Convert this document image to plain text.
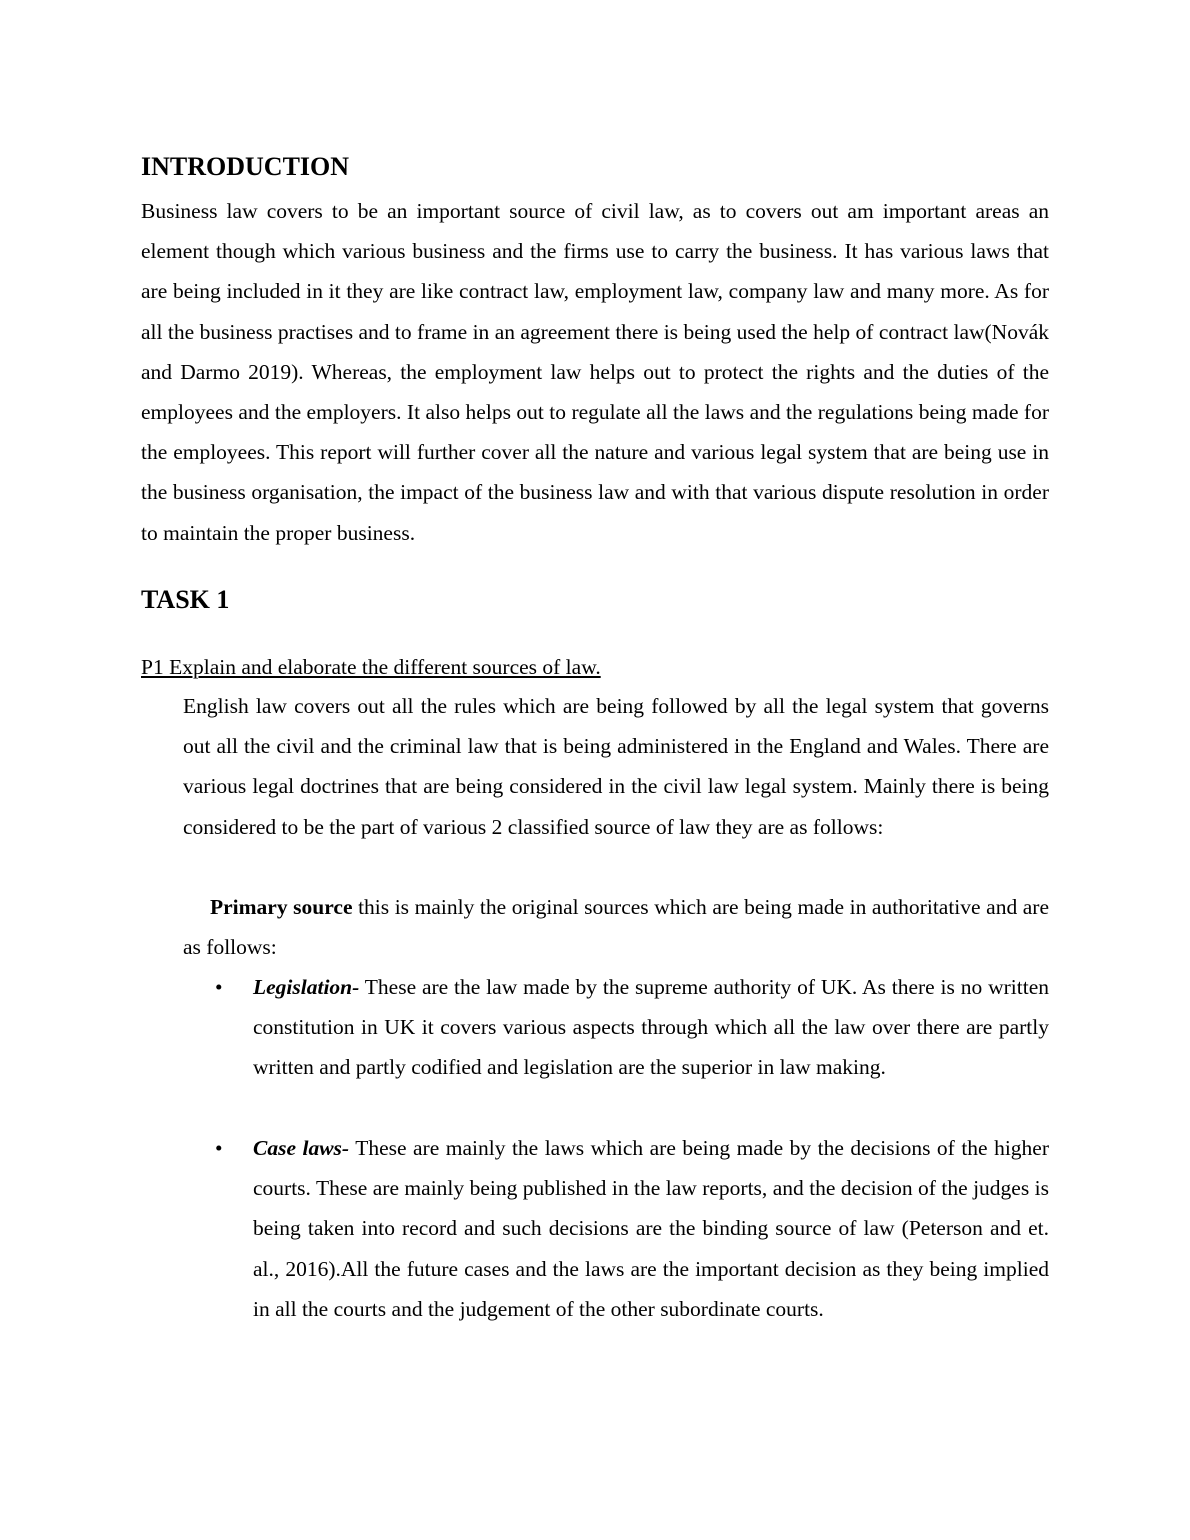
INTRODUCTION

Business law covers to be an important source of civil law, as to covers out am important areas an element though which various business and the firms use to carry the business. It has various laws that are being included in it they are like contract law, employment law, company law and many more. As for all the business practises and to frame in an agreement there is being used the help of contract law(Novák and Darmo 2019). Whereas, the employment law helps out to protect the rights and the duties of the employees and the employers. It also helps out to regulate all the laws and the regulations being made for the employees. This report will further cover all the nature and various legal system that are being use in the business organisation, the impact of the business law and with that various dispute resolution in order to maintain the proper business.

TASK 1

P1 Explain and elaborate the different sources of law.

English law covers out all the rules which are being followed by all the legal system that governs out all the civil and the criminal law that is being administered in the England and Wales. There are various legal doctrines that are being considered in the civil law legal system. Mainly there is being considered to be the part of various 2 classified source of law they are as follows:

Primary source this is mainly the original sources which are being made in authoritative and are as follows:

• Legislation- These are the law made by the supreme authority of UK. As there is no written constitution in UK it covers various aspects through which all the law over there are partly written and partly codified and legislation are the superior in law making.

• Case laws- These are mainly the laws which are being made by the decisions of the higher courts. These are mainly being published in the law reports, and the decision of the judges is being taken into record and such decisions are the binding source of law (Peterson and et. al., 2016).All the future cases and the laws are the important decision as they being implied in all the courts and the judgement of the other subordinate courts.
